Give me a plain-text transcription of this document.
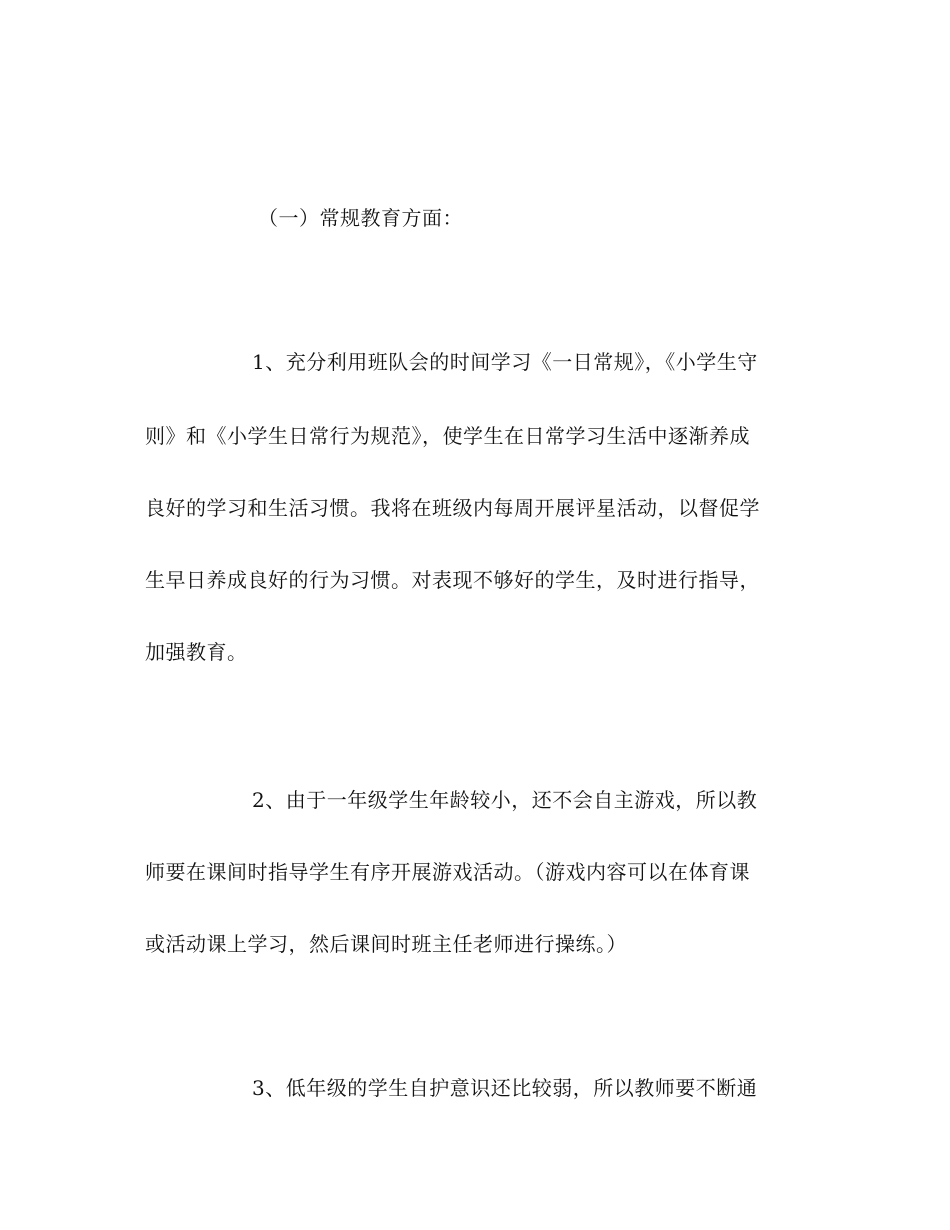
（一）常规教育方面：

1、充分利用班队会的时间学习《一日常规》，《小学生守

则》和《小学生日常行为规范》，使学生在日常学习生活中逐渐养成

良好的学习和生活习惯。我将在班级内每周开展评星活动，以督促学

生早日养成良好的行为习惯。对表现不够好的学生，及时进行指导，

加强教育。

2、由于一年级学生年龄较小，还不会自主游戏，所以教

师要在课间时指导学生有序开展游戏活动。（游戏内容可以在体育课

或活动课上学习，然后课间时班主任老师进行操练。）

3、低年级的学生自护意识还比较弱，所以教师要不断通
